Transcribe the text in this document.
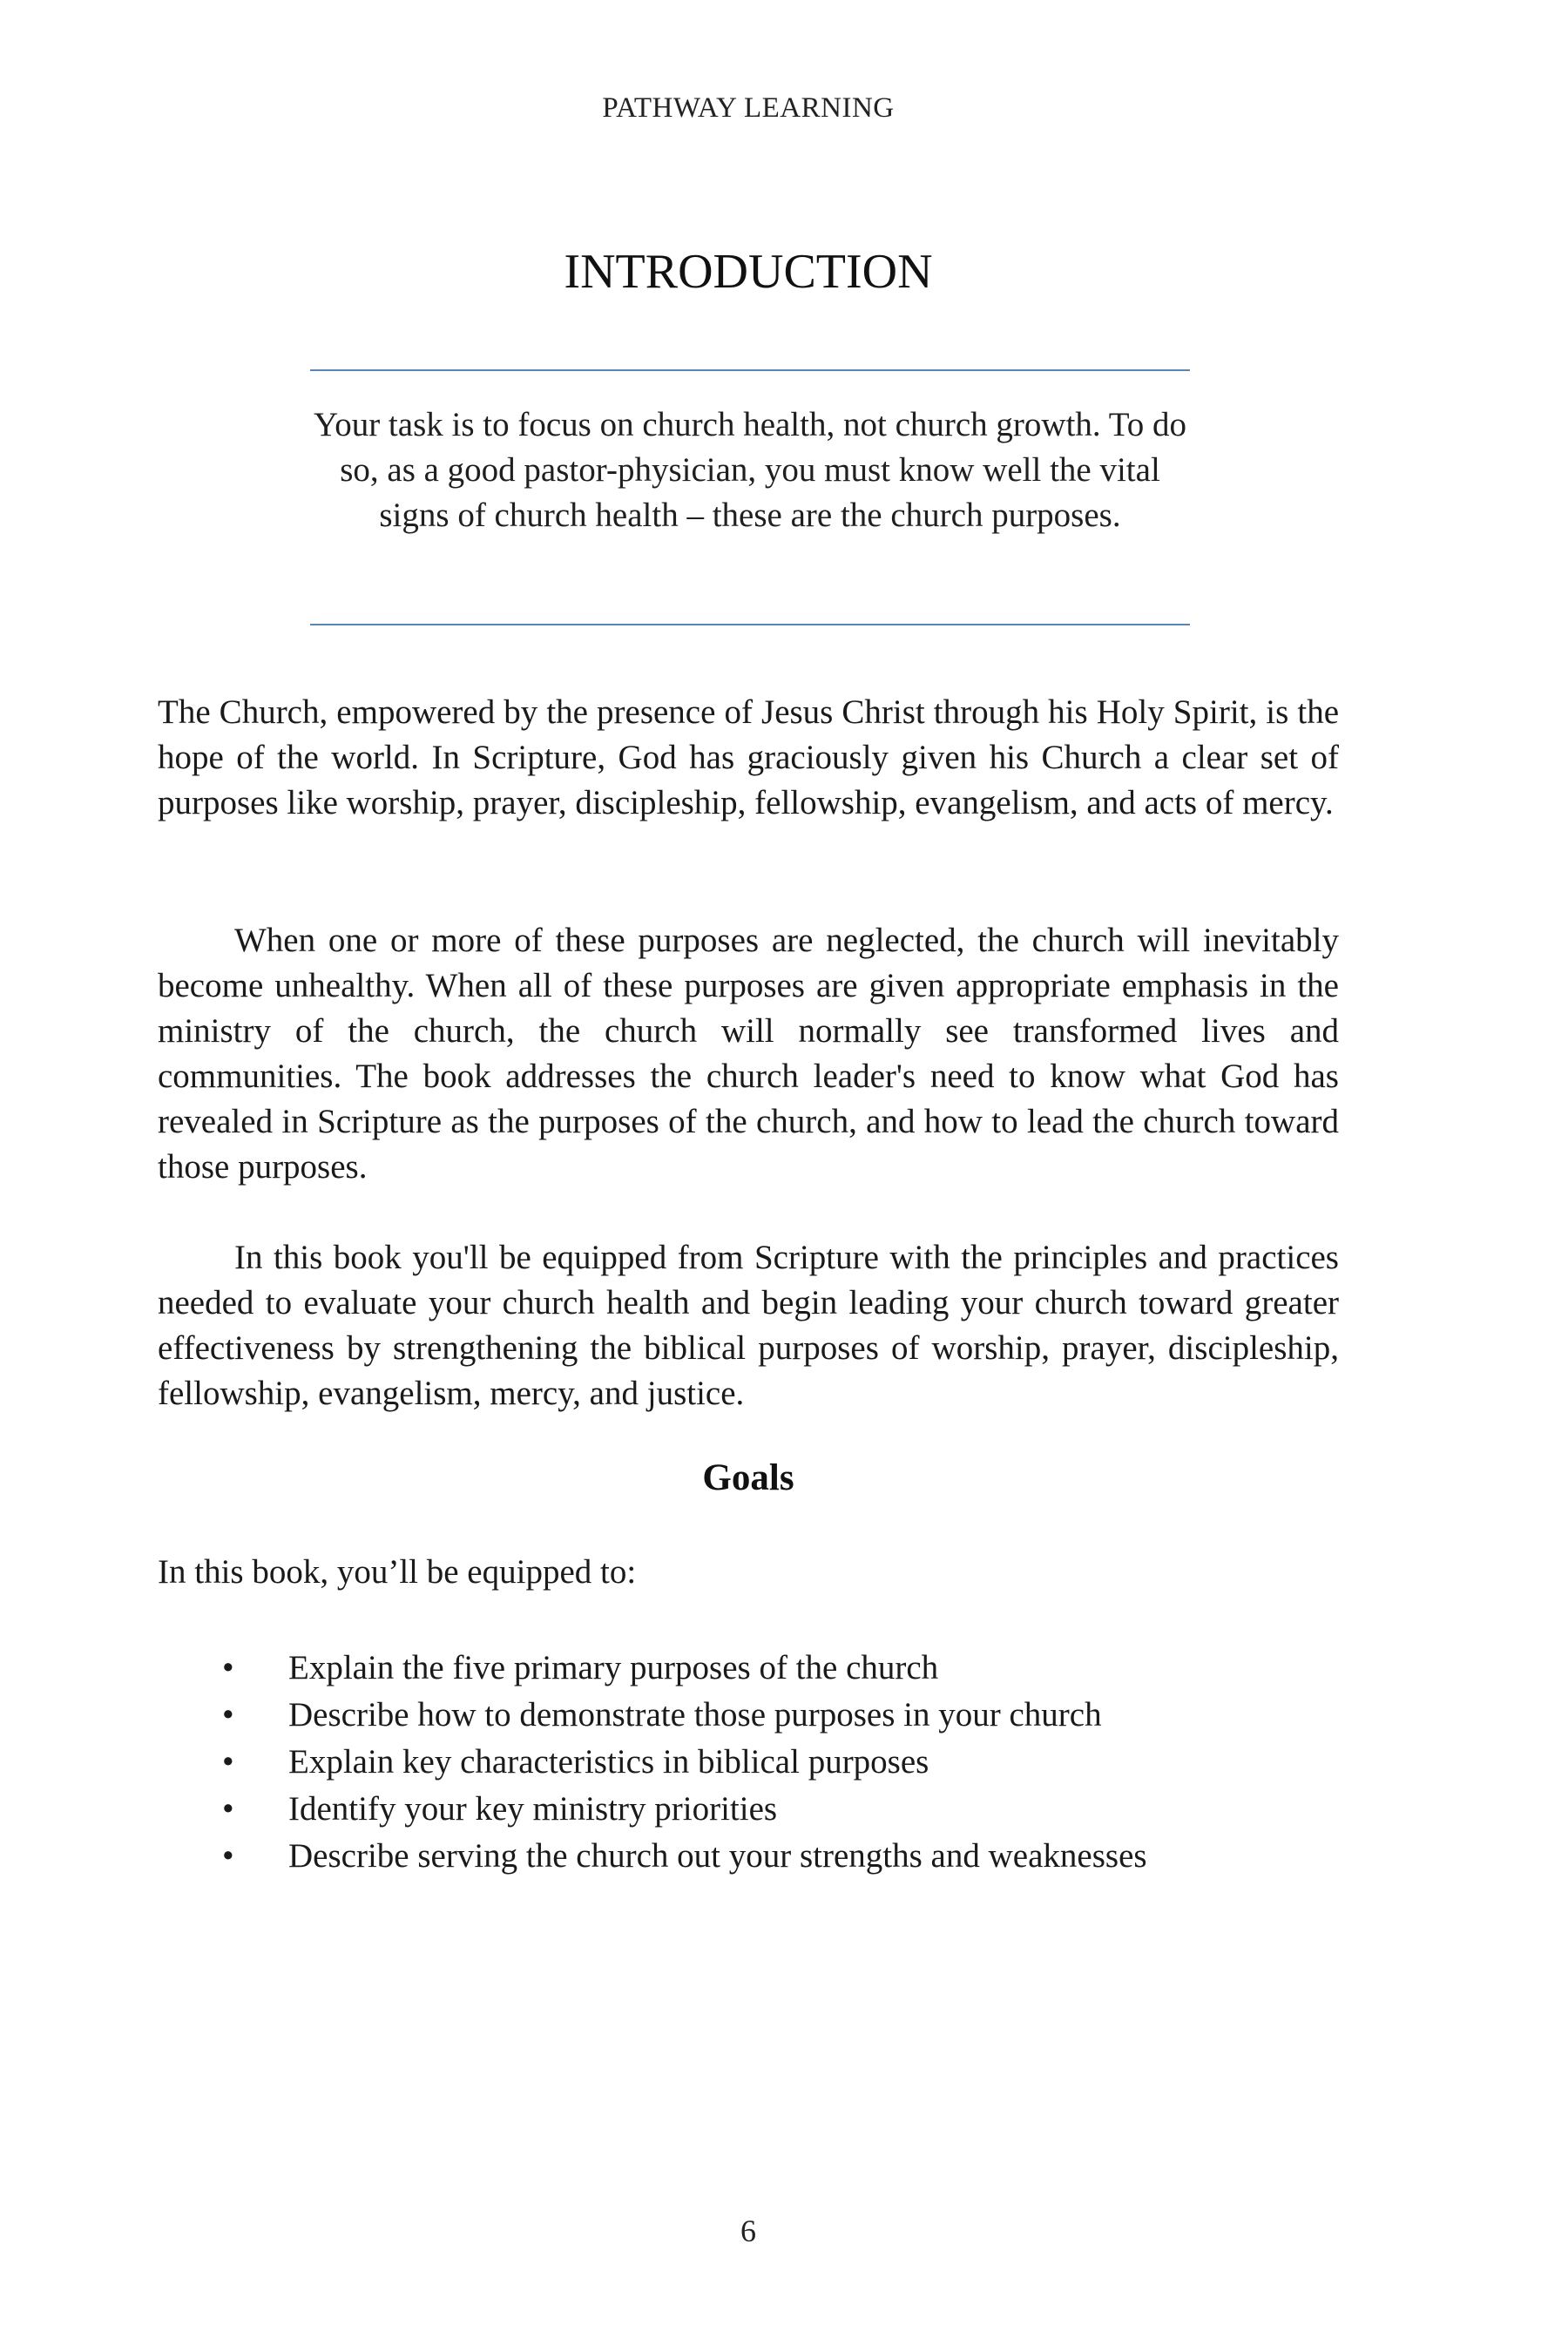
PATHWAY LEARNING
INTRODUCTION

Your task is to focus on church health, not church growth. To do so, as a good pastor-physician, you must know well the vital signs of church health – these are the church purposes.

The Church, empowered by the presence of Jesus Christ through his Holy Spirit, is the hope of the world. In Scripture, God has graciously given his Church a clear set of purposes like worship, prayer, discipleship, fellowship, evangelism, and acts of mercy.

When one or more of these purposes are neglected, the church will inevitably become unhealthy. When all of these purposes are given appropriate emphasis in the ministry of the church, the church will normally see transformed lives and communities. The book addresses the church leader's need to know what God has revealed in Scripture as the purposes of the church, and how to lead the church toward those purposes.

In this book you'll be equipped from Scripture with the principles and practices needed to evaluate your church health and begin leading your church toward greater effectiveness by strengthening the biblical purposes of worship, prayer, discipleship, fellowship, evangelism, mercy, and justice.

Goals

In this book, you’ll be equipped to:

• Explain the five primary purposes of the church
• Describe how to demonstrate those purposes in your church
• Explain key characteristics in biblical purposes
• Identify your key ministry priorities
• Describe serving the church out your strengths and weaknesses
6
